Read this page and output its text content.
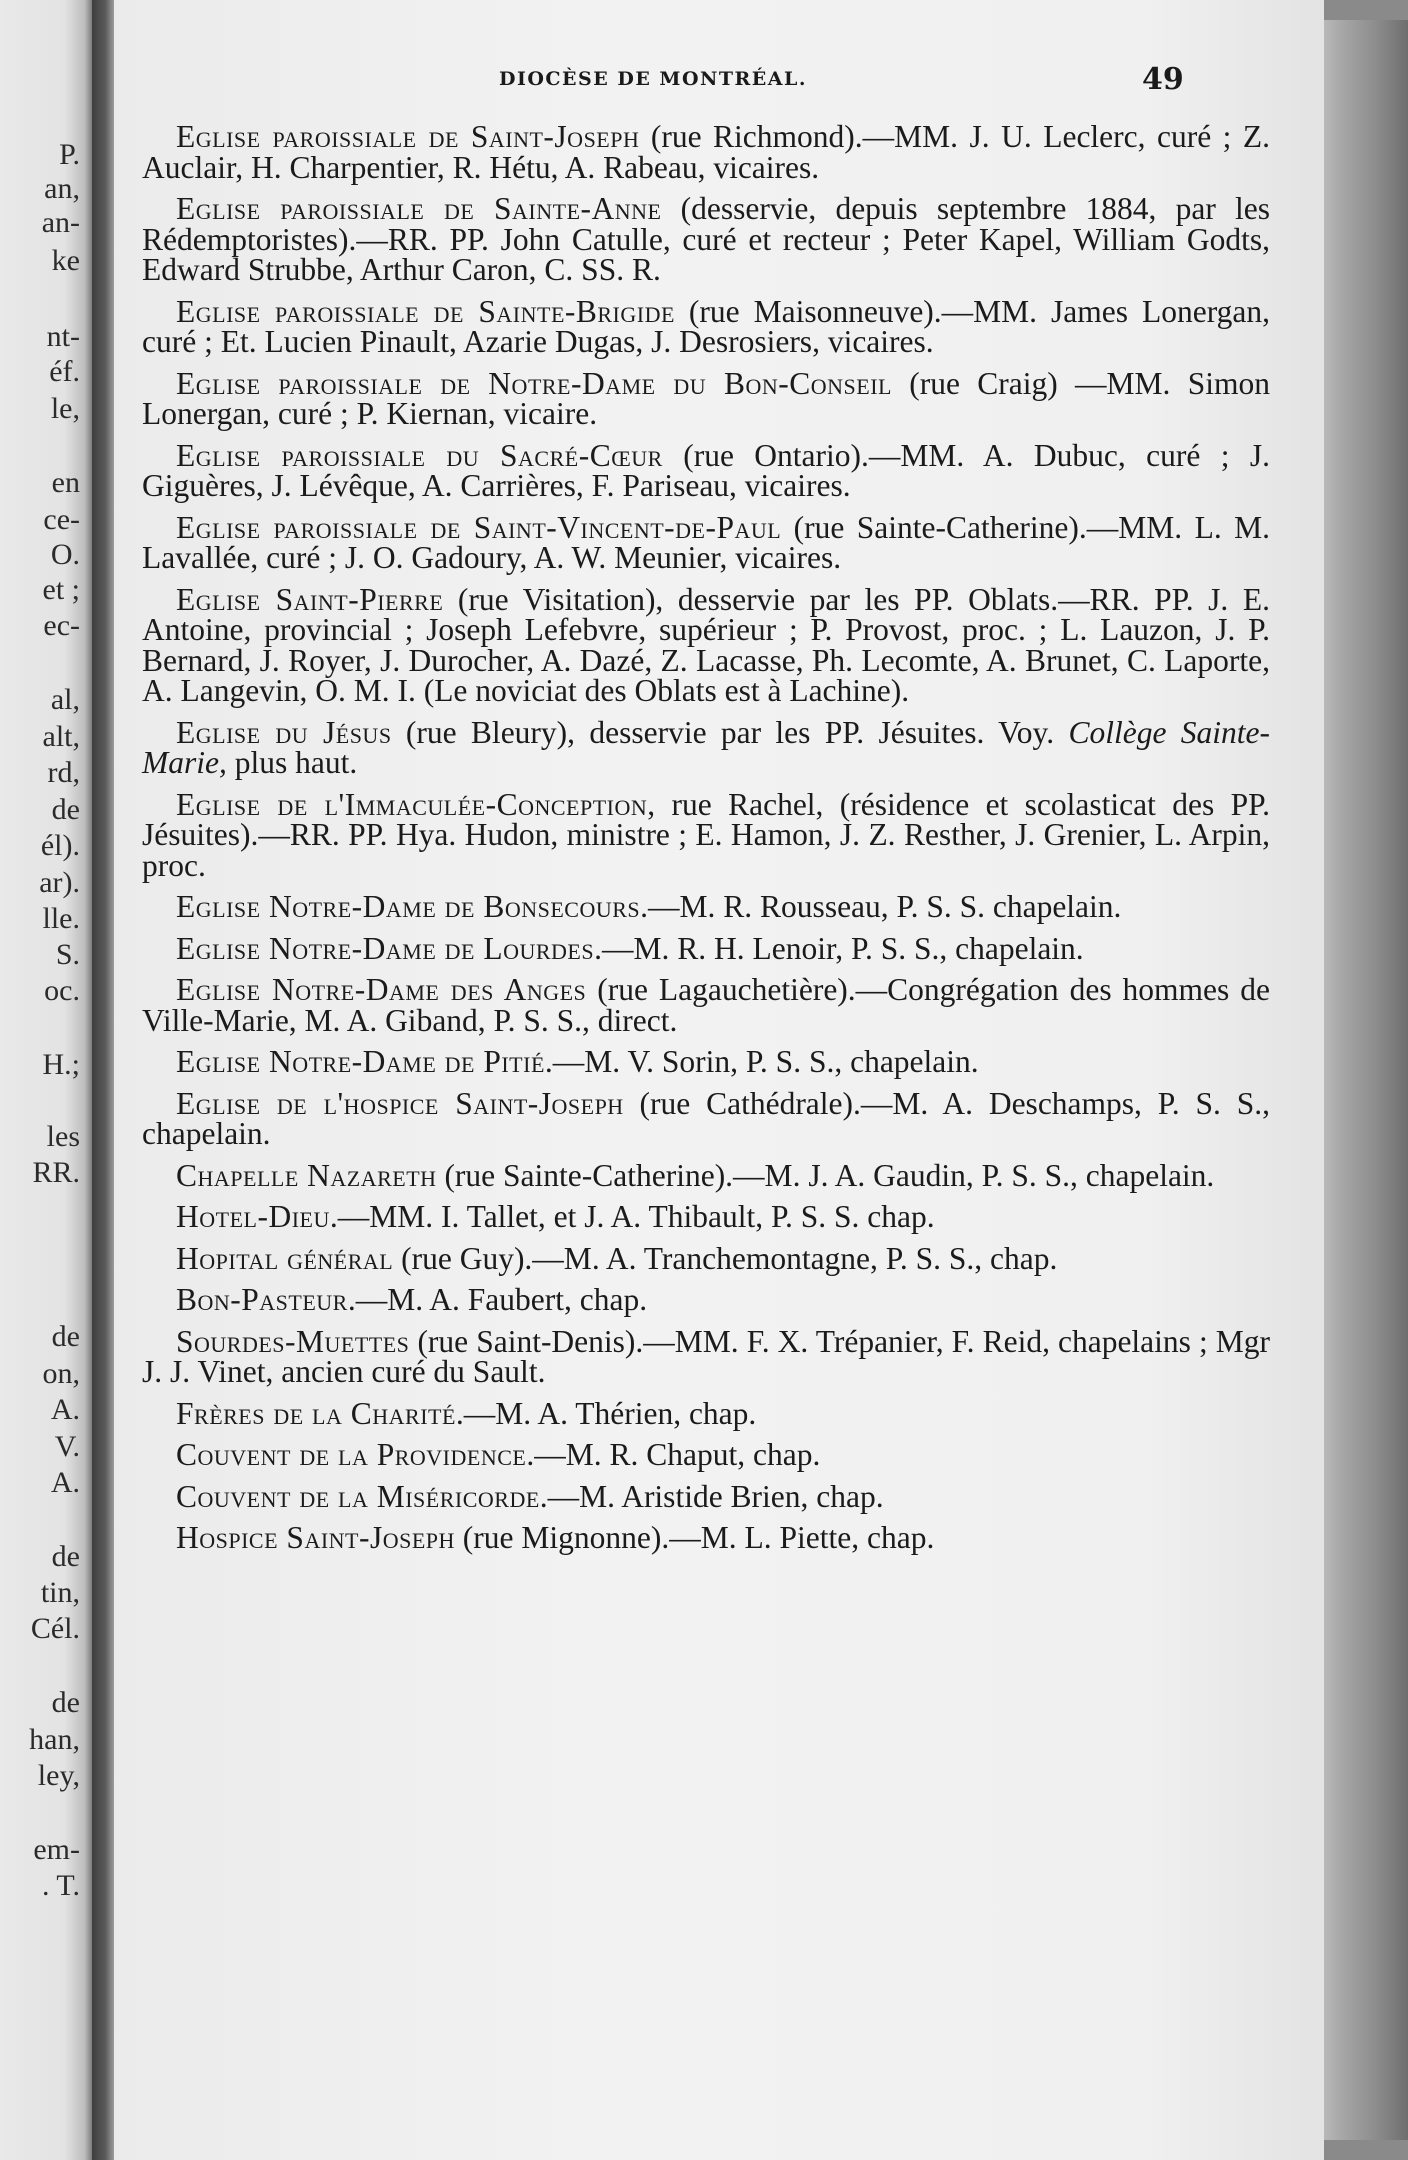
P.
an,
an-
ke
nt-
éf.
le,
en
ce-
O.
et ;
ec-
al,
alt,
rd,
de
él).
ar).
lle.
S.
oc.
H.;
les
RR.
de
on,
A.
V.
A.
de
tin,
Cél.
de
han,
ley,
em-
. T.
DIOCÈSE DE MONTRÉAL.	49

Eglise paroissiale de Saint-Joseph (rue Richmond).—MM. J. U. Leclerc, curé ; Z. Auclair, H. Charpentier, R. Hétu, A. Rabeau, vicaires.

Eglise paroissiale de Sainte-Anne (desservie, depuis septembre 1884, par les Rédemptoristes).—RR. PP. John Catulle, curé et recteur ; Peter Kapel, William Godts, Edward Strubbe, Arthur Caron, C. SS. R.

Eglise paroissiale de Sainte-Brigide (rue Maisonneuve).—MM. James Lonergan, curé ; Et. Lucien Pinault, Azarie Dugas, J. Desrosiers, vicaires.

Eglise paroissiale de Notre-Dame du Bon-Conseil (rue Craig) —MM. Simon Lonergan, curé ; P. Kiernan, vicaire.

Eglise paroissiale du Sacré-Cœur (rue Ontario).—MM. A. Dubuc, curé ; J. Giguères, J. Lévêque, A. Carrières, F. Pariseau, vicaires.

Eglise paroissiale de Saint-Vincent-de-Paul (rue Sainte-Catherine).—MM. L. M. Lavallée, curé ; J. O. Gadoury, A. W. Meunier, vicaires.

Eglise Saint-Pierre (rue Visitation), desservie par les PP. Oblats.—RR. PP. J. E. Antoine, provincial ; Joseph Lefebvre, supérieur ; P. Provost, proc. ; L. Lauzon, J. P. Bernard, J. Royer, J. Durocher, A. Dazé, Z. Lacasse, Ph. Lecomte, A. Brunet, C. Laporte, A. Langevin, O. M. I. (Le noviciat des Oblats est à Lachine).

Eglise du Jésus (rue Bleury), desservie par les PP. Jésuites. Voy. Collège Sainte-Marie, plus haut.

Eglise de l'Immaculée-Conception, rue Rachel, (résidence et scolasticat des PP. Jésuites).—RR. PP. Hya. Hudon, ministre ; E. Hamon, J. Z. Resther, J. Grenier, L. Arpin, proc.

Eglise Notre-Dame de Bonsecours.—M. R. Rousseau, P. S. S. chapelain.

Eglise Notre-Dame de Lourdes.—M. R. H. Lenoir, P. S. S., chapelain.

Eglise Notre-Dame des Anges (rue Lagauchetière).—Congrégation des hommes de Ville-Marie, M. A. Giband, P. S. S., direct.

Eglise Notre-Dame de Pitié.—M. V. Sorin, P. S. S., chapelain.

Eglise de l'hospice Saint-Joseph (rue Cathédrale).—M. A. Deschamps, P. S. S., chapelain.

Chapelle Nazareth (rue Sainte-Catherine).—M. J. A. Gaudin, P. S. S., chapelain.

Hotel-Dieu.—MM. I. Tallet, et J. A. Thibault, P. S. S. chap.

Hopital général (rue Guy).—M. A. Tranchemontagne, P. S. S., chap.

Bon-Pasteur.—M. A. Faubert, chap.

Sourdes-Muettes (rue Saint-Denis).—MM. F. X. Trépanier, F. Reid, chapelains ; Mgr J. J. Vinet, ancien curé du Sault.

Frères de la Charité.—M. A. Thérien, chap.

Couvent de la Providence.—M. R. Chaput, chap.

Couvent de la Miséricorde.—M. Aristide Brien, chap.

Hospice Saint-Joseph (rue Mignonne).—M. L. Piette, chap.
